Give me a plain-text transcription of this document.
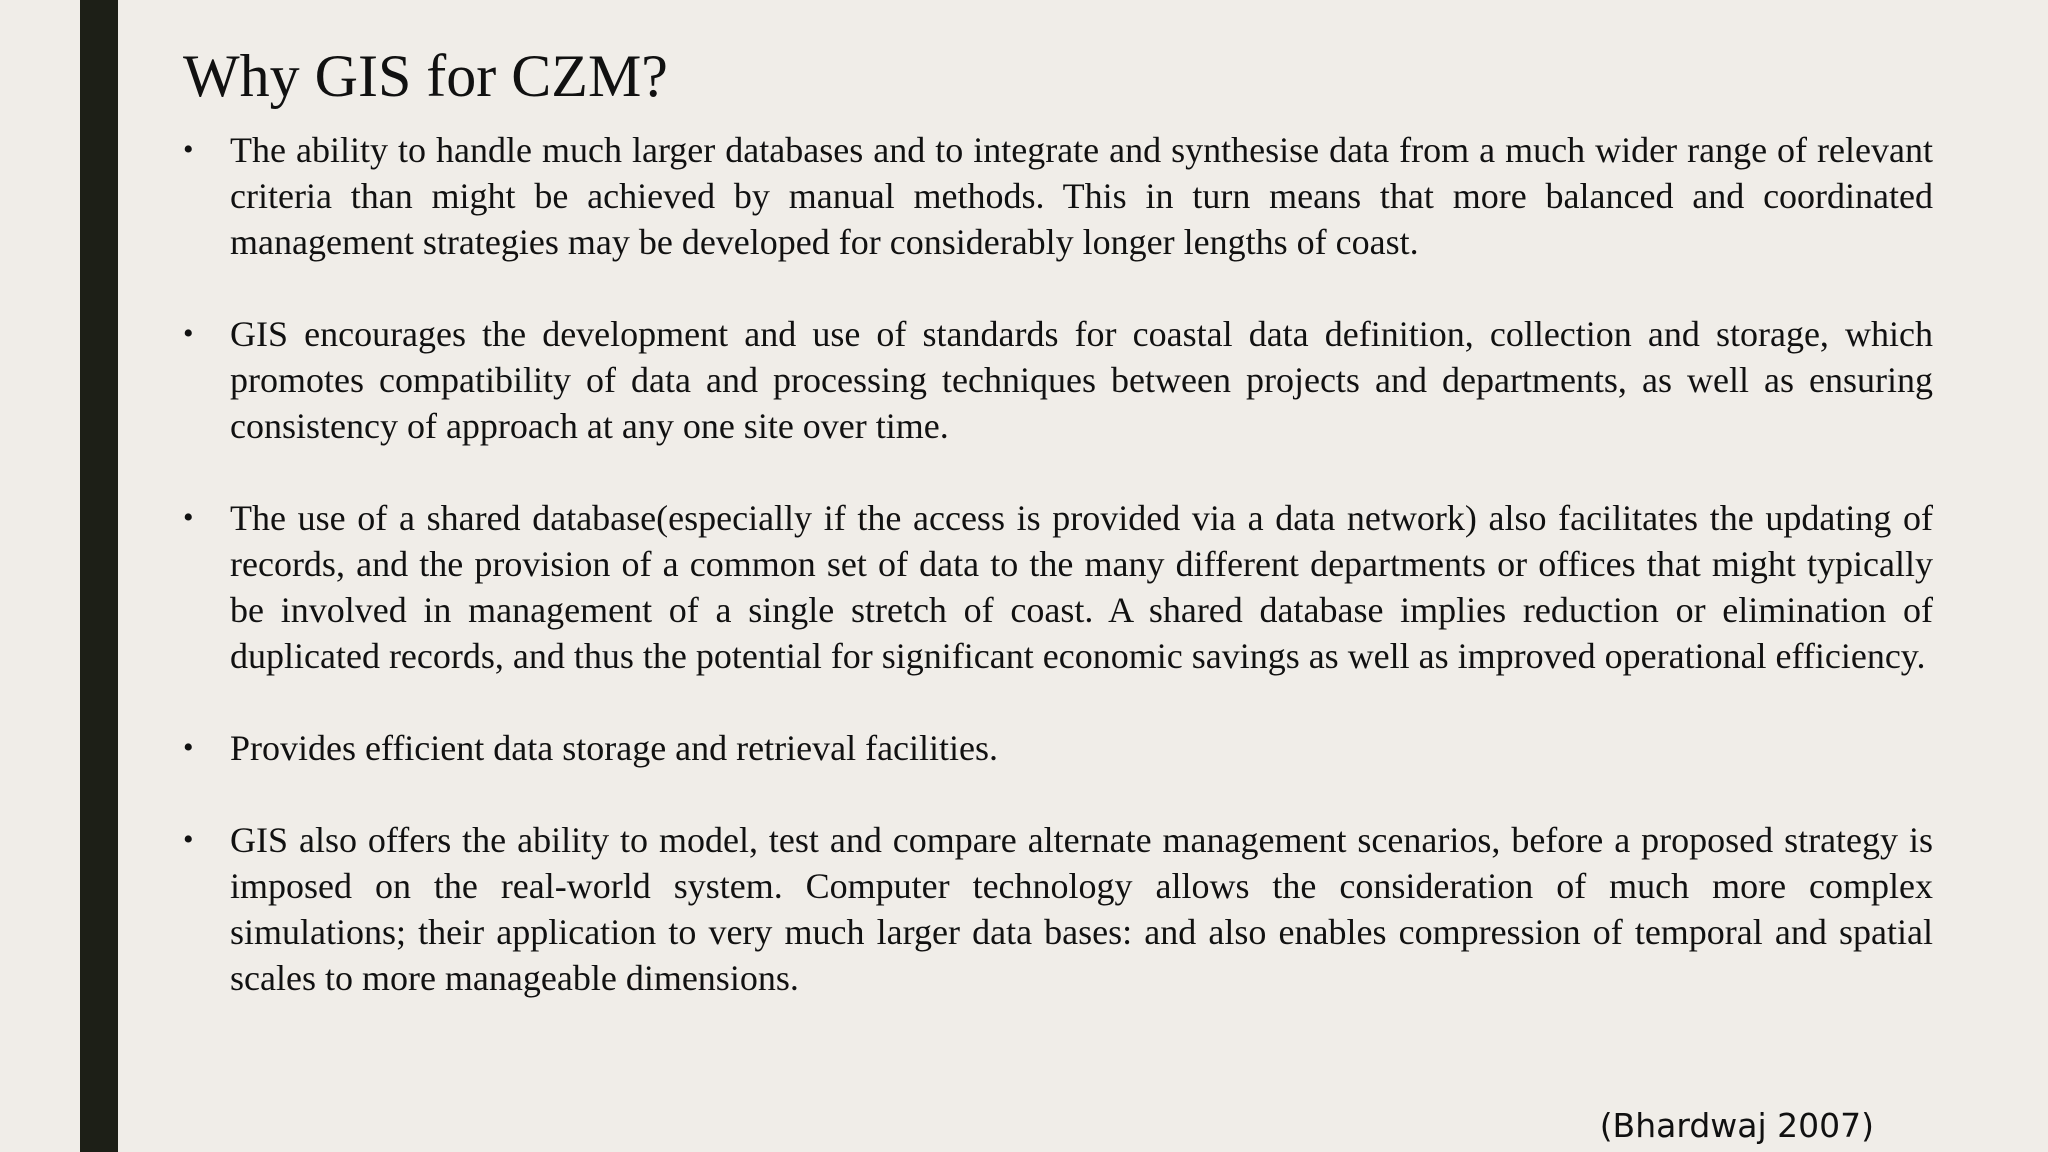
Why GIS for CZM?
• The ability to handle much larger databases and to integrate and synthesise data from a much wider range of relevant criteria than might be achieved by manual methods. This in turn means that more balanced and coordinated management strategies may be developed for considerably longer lengths of coast.
• GIS encourages the development and use of standards for coastal data definition, collection and storage, which promotes compatibility of data and processing techniques between projects and departments, as well as ensuring consistency of approach at any one site over time.
• The use of a shared database(especially if the access is provided via a data network) also facilitates the updating of records, and the provision of a common set of data to the many different departments or offices that might typically be involved in management of a single stretch of coast. A shared database implies reduction or elimination of duplicated records, and thus the potential for significant economic savings as well as improved operational efficiency.
• Provides efficient data storage and retrieval facilities.
• GIS also offers the ability to model, test and compare alternate management scenarios, before a proposed strategy is imposed on the real-world system. Computer technology allows the consideration of much more complex simulations; their application to very much larger data bases: and also enables compression of temporal and spatial scales to more manageable dimensions.
(Bhardwaj 2007)
